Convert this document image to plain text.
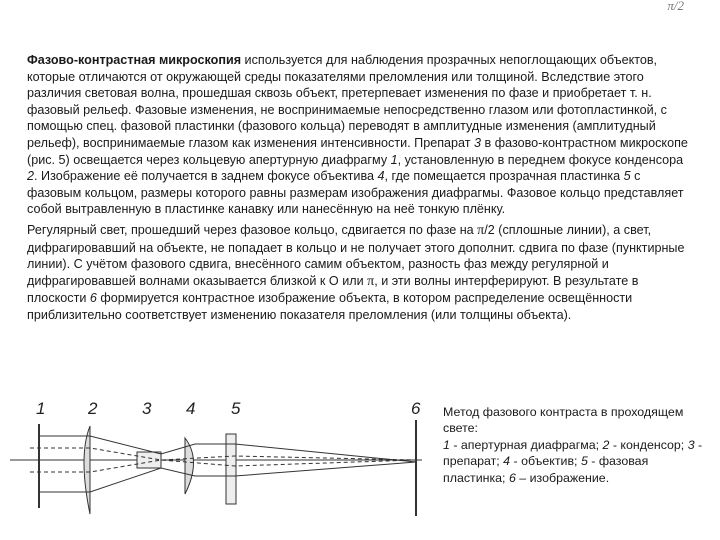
π/2

Фазово-контрастная микроскопия используется для наблюдения прозрачных непоглощающих объектов, которые отличаются от окружающей среды показателями преломления или толщиной. Вследствие этого различия световая волна, прошедшая сквозь объект, претерпевает изменения по фазе и приобретает т. н. фазовый рельеф. Фазовые изменения, не воспринимаемые непосредственно глазом или фотопластинкой, с помощью спец. фазовой пластинки (фазового кольца) переводят в амплитудные изменения (амплитудный рельеф), воспринимаемые глазом как изменения интенсивности. Препарат 3 в фазово-контрастном микроскопе (рис. 5) освещается через кольцевую апертурную диафрагму 1, установленную в переднем фокусе конденсора 2. Изображение её получается в заднем фокусе объектива 4, где помещается прозрачная пластинка 5 с фазовым кольцом, размеры которого равны размерам изображения диафрагмы. Фазовое кольцо представляет собой вытравленную в пластинке канавку или нанесённую на неё тонкую плёнку.

Регулярный свет, прошедший через фазовое кольцо, сдвигается по фазе на π/2 (сплошные линии), а свет, дифрагировавший на объекте, не попадает в кольцо и не получает этого дополнит. сдвига по фазе (пунктирные линии). С учётом фазового сдвига, внесённого самим объектом, разность фаз между регулярной и дифрагировавшей волнами оказывается близкой к О или π, и эти волны интерферируют. В результате в плоскости 6 формируется контрастное изображение объекта, в котором распределение освещённости приблизительно соответствует изменению показателя преломления (или толщины объекта).

1	2	3 4 5	6 Метод фазового контраста в проходящем свете:
1 - апертурная диафрагма; 2 - конденсор; 3 - препарат; 4 - объектив; 5 - фазовая пластинка; 6 – изображение.
